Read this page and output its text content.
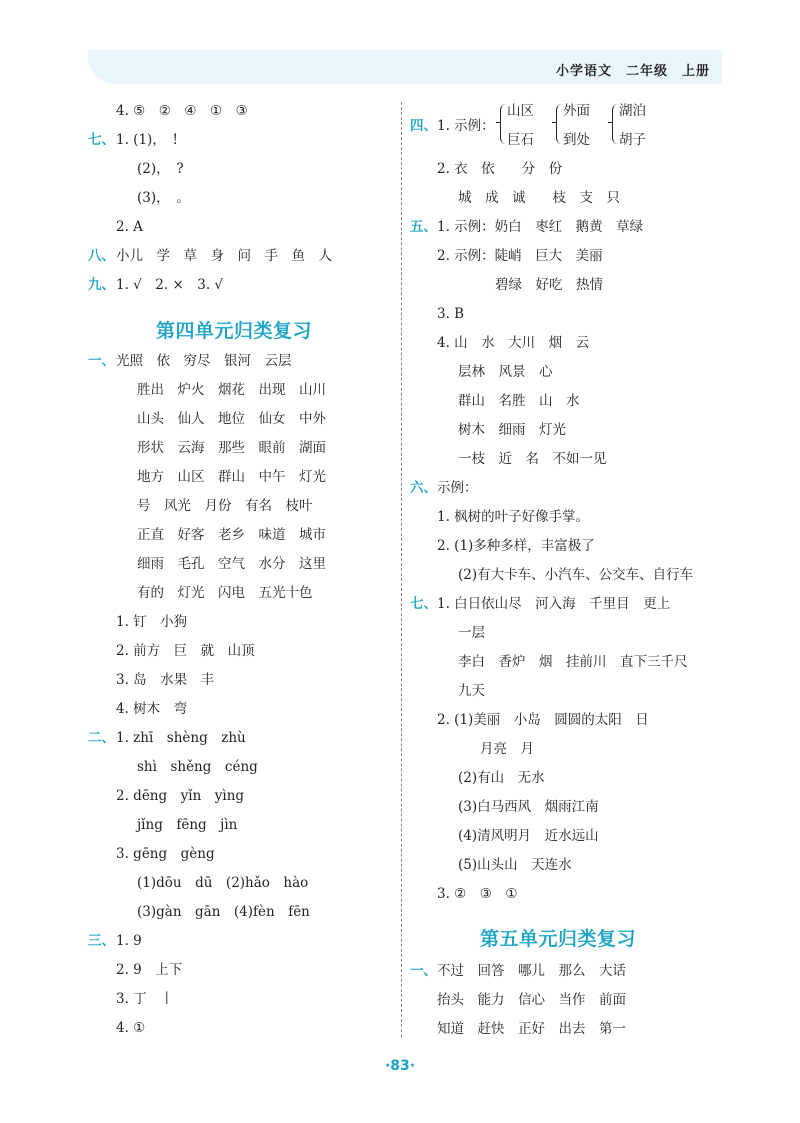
小学语文　二年级　上册
4. ⑤　②　④　①　③
七、 1. (1)，　!
(2)，　?
(3)，　。
2. A
八、 小儿　学　草　身　问　手　鱼　人
九、 1. √　2. ×　3. √
一、 光照　依　穷尽　银河　云层
胜出　炉火　烟花　出现　山川
山头　仙人　地位　仙女　中外
形状　云海　那些　眼前　湖面
地方　山区　群山　中午　灯光
号　风光　月份　有名　枝叶
正直　好客　老乡　味道　城市
细雨　毛孔　空气　水分　这里
有的　灯光　闪电　五光十色
1. 钉　小狗
2. 前方　巨　就　山顶
3. 岛　水果　丰
4. 树木　弯
二、 1. zhī　shèng　zhù
shì　shěng　céng
2. dēng　yǐn　yìng
jǐng　fēng　jìn
3. gēng　gèng
(1)dōu　dū　(2)hǎo　hào
(3)gàn　gān　(4)fèn　fēn
三、 1. 9
2. 9　上下
3. 丁　丨
4. ①
第四单元归类复习
四、 1. 示例：
山区
巨石
外面
到处
湖泊
胡子
2. 衣　依　　分　份
城　成　诚　　枝　支　只
五、 1. 示例：奶白　枣红　鹅黄　草绿
2. 示例：陡峭　巨大　美丽
碧绿　好吃　热情
3. B
4. 山　水　大川　烟　云
层林　风景　心
群山　名胜　山　水
树木　细雨　灯光
一枝　近　名　不如一见
六、 示例：
1. 枫树的叶子好像手掌。
2. (1)多种多样，丰富极了
(2)有大卡车、小汽车、公交车、自行车
七、 1. 白日依山尽　河入海　千里目　更上
一层
李白　香炉　烟　挂前川　直下三千尺
九天
2. (1)美丽　小岛　圆圆的太阳　日
月亮　月
(2)有山　无水
(3)白马西风　烟雨江南
(4)清风明月　近水远山
(5)山头山　天连水
3. ②　③　①
一、 不过　回答　哪儿　那么　大话
抬头　能力　信心　当作　前面
知道　赶快　正好　出去　第一
第五单元归类复习
·83·
